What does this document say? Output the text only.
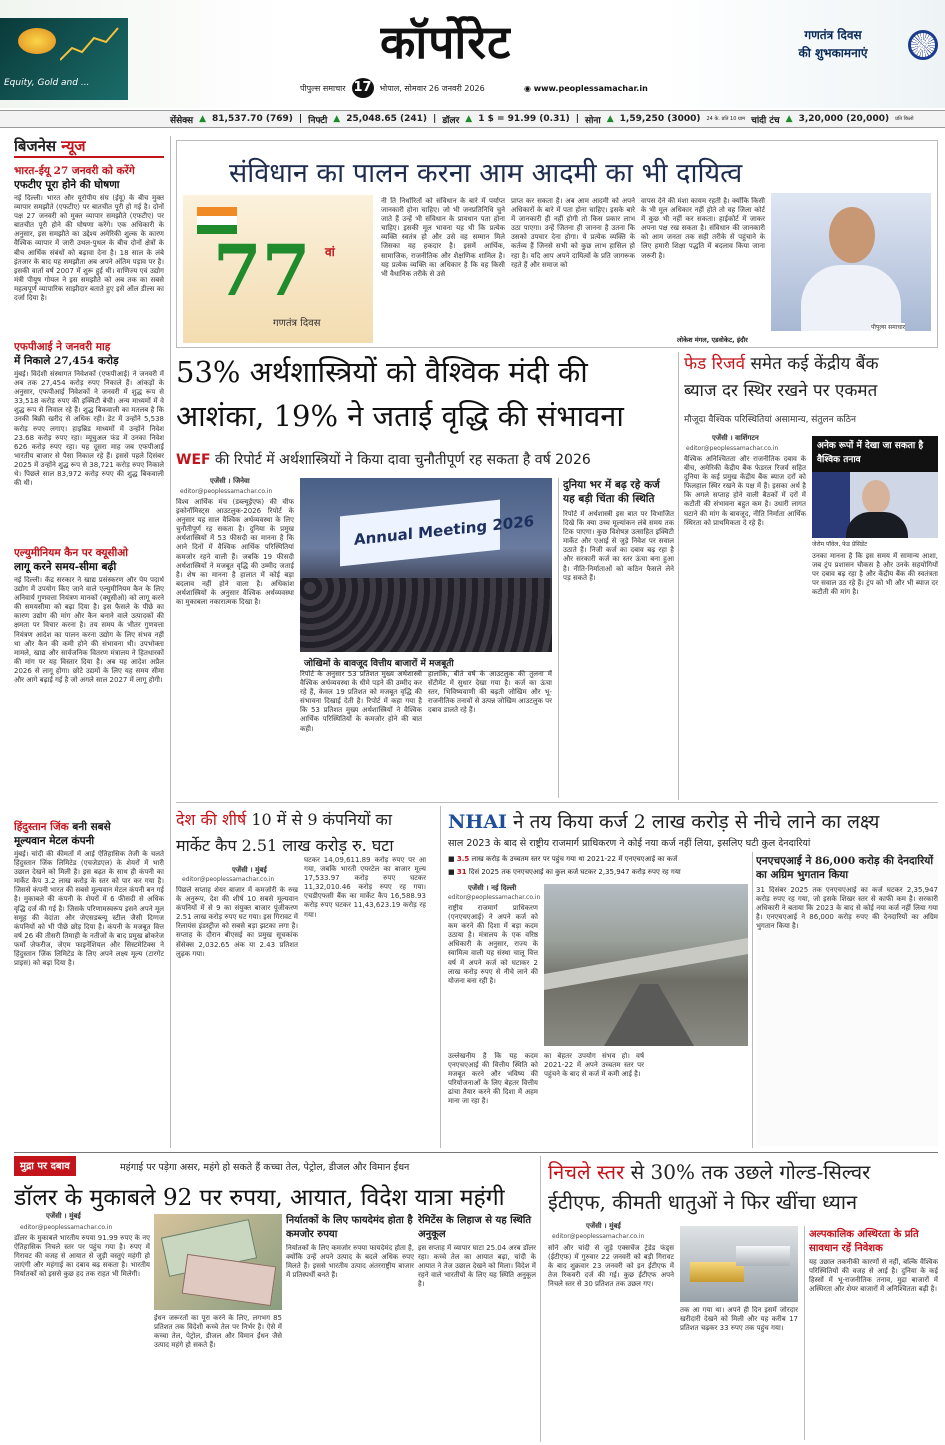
Equity, Gold and ...
कॉर्पोरेट
पीपुल्स समाचार 17 भोपाल, सोमवार 26 जनवरी 2026	◉ www.peoplessamachar.in
गणतंत्र दिवस
की शुभकामनाएं
सेंसेक्स ▲ 81,537.70 (769) | निफ्टी ▲ 25,048.65 (241) | डॉलर ▲ 1 $ = 91.99 (0.31) | सोना ▲ 1,59,250 (3000) 24 के. प्रति 10 ग्राम चांदी टंच ▲ 3,20,000 (20,000) प्रति किलो
बिजनेस न्यूज
भारत-ईयू 27 जनवरी को करेंगे
एफटीए पूरा होने की घोषणा
नई दिल्ली। भारत और यूरोपीय संघ (ईयू) के बीच मुक्त व्यापार समझौते (एफटीए) पर बातचीत पूरी हो गई है। दोनों पक्ष 27 जनवरी को मुक्त व्यापार समझौते (एफटीए) पर बातचीत पूरी होने की घोषणा करेंगे। एक अधिकारी के अनुसार, इस समझौते का उद्देश्य अमेरिकी शुल्क के कारण वैश्विक व्यापार में जारी उथल-पुथल के बीच दोनों क्षेत्रों के बीच आर्थिक संबंधों को बढ़ावा देना है। 18 साल के लंबे इंतजार के बाद यह समझौता अब अपने अंतिम पड़ाव पर है। इसकी वार्ता वर्ष 2007 में शुरू हुई थी। वाणिज्य एवं उद्योग मंत्री पीयूष गोयल ने इस समझौते को अब तक का सबसे महत्वपूर्ण व्यापारिक साझीदार बताते हुए इसे ऑल डील्स का दर्जा दिया है।
एफपीआई ने जनवरी माह
में निकाले 27,454 करोड़
मुंबई। विदेशी संस्थागत निवेशकों (एफपीआई) ने जनवरी में अब तक 27,454 करोड़ रुपए निकाले हैं। आंकड़ों के अनुसार, एफपीआई निवेशकों ने जनवरी में शुद्ध रूप से 33,518 करोड़ रुपए की इक्विटी बेची। अन्य माध्यमों में वे शुद्ध रूप से लिवाल रहे हैं। शुद्ध बिकवाली का मतलब है कि उनकी बिक्री खरीद से अधिक रही। डेट में उन्होंने 5,538 करोड़ रुपए लगाए। हाइब्रिड माध्यमों में उन्होंने निवेश 23.68 करोड़ रुपए रहा। म्यूचुअल फंड में उनका निवेश 626 करोड़ रुपए रहा। यह दूसरा माह जब एफपीआई भारतीय बाजार से पैसा निकाल रहे हैं। इससे पहले दिसंबर 2025 में उन्होंने शुद्ध रूप से 38,721 करोड़ रुपए निकाले थे। पिछले साल 83,972 करोड़ रुपए की शुद्ध बिकवाली की थी।
एल्युमीनियम कैन पर क्यूसीओ
लागू करने समय-सीमा बढ़ी
नई दिल्ली। केंद्र सरकार ने खाद्य प्रसंस्करण और पेय पदार्थ उद्योग में उपयोग किए जाने वाले एल्युमीनियम कैन के लिए अनिवार्य गुणवत्ता नियंत्रण मानकों (क्यूसीओ) को लागू करने की समयसीमा को बढ़ा दिया है। इस फैसले के पीछे का कारण उद्योग की मांग और कैन बनाने वाले उत्पादकों की क्षमता पर विचार करना है। तय समय के भीतर गुणवत्ता नियंत्रण आदेश का पालन करना उद्योग के लिए संभव नहीं था और कैन की कमी होने की संभावना थी। उपभोक्ता मामले, खाद्य और सार्वजनिक वितरण मंत्रालय ने हितधारकों की मांग पर यह विस्तार दिया है। अब यह आदेश अप्रैल 2026 से लागू होगा। छोटे उद्यमों के लिए यह समय सीमा और आगे बढ़ाई गई है जो अगले साल 2027 में लागू होगी।
हिंदुस्तान जिंक बनी सबसे
मूल्यवान मेटल कंपनी
मुंबई। चांदी की कीमतों में आई ऐतिहासिक तेजी के चलते हिंदुस्तान जिंक लिमिटेड (एचजेडएल) के शेयरों में भारी उछाल देखने को मिली है। इस बढ़त के साथ ही कंपनी का मार्केट कैप 3.2 लाख करोड़ के स्तर को पार कर गया है। जिससे कंपनी भारत की सबसे मूल्यवान मेटल कंपनी बन गई है। मुकाबले की कंपनी के शेयरों में 6 फीसदी से अधिक वृद्धि दर्ज की गई है। जिसके परिणामस्वरूप इसने अपने मूल समूह की वेदांता और जेएसडब्ल्यू स्टील जैसी दिग्गज कंपनियों को भी पीछे छोड़ दिया है। कंपनी के मजबूत वित्त वर्ष 26 की तीसरी तिमाही के नतीजों के बाद प्रमुख ब्रोकरेज फर्मों जेफरीज, जेएम फाइनेंशियल और सिस्टमेटिक्स ने हिंदुस्तान जिंक लिमिटेड के लिए अपने लक्ष्य मूल्य (टारगेट प्राइस) को बढ़ा दिया है।
संविधान का पालन करना आम आदमी का भी दायित्व
77 वां
गणतंत्र दिवस
नी ति निर्धारितों को संविधान के बारे में पर्याप्त जानकारी होना चाहिए। जो भी जनप्रतिनिधि चुने जाते हैं उन्हें भी संविधान के प्रावधान पता होना चाहिए। इसकी मूल भावना यह थी कि प्रत्येक व्यक्ति स्वतंत्र हो और उसे वह सम्मान मिले जिसका वह हकदार है। इसमें आर्थिक, सामाजिक, राजनीतिक और शैक्षणिक शामिल है। यह प्रत्येक व्यक्ति का अधिकार है कि वह किसी भी वैधानिक तरीके से उसे
प्राप्त कर सकता है। अब आम आदमी को अपने अधिकारों के बारे में पता होना चाहिए। इसके बारे में जानकारी ही नहीं होगी तो किस प्रकार लाभ उठा पाएगा। उन्हें जितना ही जानना है उतना कि उसको उपचार देना होगा। ये प्रत्येक व्यक्ति के कर्तव्य हैं जिनसे सभी को कुछ लाभ हासिल हो रहा है। यदि आप अपने दायित्वों के प्रति जागरूक रहते हैं और समाज को
वापस देने की मंशा कायम रहती है। क्योंकि किसी के भी मूल अधिकार नहीं होते तो वह जिला कोर्ट में कुछ भी नहीं कर सकता। हाईकोर्ट में जाकर अपना पक्ष रख सकता है। संविधान की जानकारी को आम जनता तक सही तरीके से पहुंचाने के लिए हमारी शिक्षा पद्धति में बदलाव किया जाना जरूरी है।
पीपुल्स समाचार
लोकेश मंगल, एडवोकेट, इंदौर
53% अर्थशास्त्रियों को वैश्विक मंदी की
आशंका, 19% ने जताई वृद्धि की संभावना
WEF की रिपोर्ट में अर्थशास्त्रियों ने किया दावा चुनौतीपूर्ण रह सकता है वर्ष 2026
एजेंसी । जिनेवा
editor@peoplessamachar.co.in
विश्व आर्थिक मंच (डब्ल्यूईएफ) की चीफ इकोनॉमिस्ट्स आउटलुक-2026 रिपोर्ट के अनुसार यह साल वैश्विक अर्थव्यवस्था के लिए चुनौतीपूर्ण रह सकता है। दुनिया के प्रमुख अर्थशास्त्रियों में 53 फीसदी का मानना है कि आने दिनों में वैश्विक आर्थिक परिस्थितियां कमजोर रहने वाली हैं। जबकि 19 फीसदी अर्थशास्त्रियों ने मजबूत वृद्धि की उम्मीद जताई है। शेष का मानना है हालात में कोई बड़ा बदलाव नहीं होने वाला है। अधिकांश अर्थशास्त्रियों के अनुसार वैश्विक अर्थव्यवस्था का मुकाबला नकारात्मक दिखा है।
Annual Meeting 2026
जोखिमों के बावजूद वित्तीय बाजारों में मजबूती
रिपोर्ट के अनुसार 53 प्रतिशत मुख्य अर्थशास्त्री वैश्विक अर्थव्यवस्था के धीमे पड़ने की उम्मीद कर रहे हैं, केवल 19 प्रतिशत को मजबूत वृद्धि की संभावना दिखाई देती है। रिपोर्ट में कहा गया है कि 53 प्रतिशत मुख्य अर्थशास्त्रियों ने वैश्विक आर्थिक परिस्थितियों के कमजोर होने की बात कही।
हालांकि, बीते वर्ष के आउटलुक की तुलना में सेंटीमेंट में सुधार देखा गया है। कर्ज का ऊंचा स्तर, भिविष्यवाणी की बढ़ती जोखिम और भू-राजनीतिक तनावों से उत्पन्न जोखिम आउटलुक पर दबाव डालते रहे हैं।
दुनिया भर में बढ़ रहे कर्ज यह बड़ी चिंता की स्थिति
रिपोर्ट में अर्थशास्त्री इस बात पर विभाजित दिखे कि क्या उच्च मूल्यांकन लंबे समय तक टिक पाएगा। कुछ विशेषज्ञ उत्साहित इक्विटी मार्केट और एआई से जुड़े निवेश पर सवाल उठाते हैं। निजी कर्ज का दबाव बढ़ रहा है और सरकारी कर्ज का स्तर ऊंचा बना हुआ है। नीति-निर्माताओं को कठिन फैसले लेने पड़ सकते हैं।
फेड रिजर्व समेत कई केंद्रीय बैंक
ब्याज दर स्थिर रखने पर एकमत
मौजूदा वैश्विक परिस्थितियां असामान्य, संतुलन कठिन
एजेंसी । वाशिंगटन
editor@peoplessamachar.co.in
वैश्विक अनिश्चितता और राजनीतिक दबाव के बीच, अमेरिकी केंद्रीय बैंक फेडरल रिजर्व सहित दुनिया के कई प्रमुख केंद्रीय बैंक ब्याज दरों को फिलहाल स्थिर रखने के पक्ष में हैं। इसका अर्थ है कि अगले सप्ताह होने वाली बैठकों में दरों में कटौती की संभावना बहुत कम है। उधारी लागत घटाने की मांग के बावजूद, नीति निर्माता आर्थिक स्थिरता को प्राथमिकता दे रहे हैं।
अनेक रूपों में देखा जा सकता है वैश्विक तनाव
जेरोम पॉवेल, फेड प्रेसिडेंट
उनका मानना है कि इस समय में सामान्य आशा, जब ट्रंप प्रशासन चौकस है और उनके सहयोगियों पर दबाव बढ़ रहा है और केंद्रीय बैंक की स्वतंत्रता पर सवाल उठ रहे हैं। ट्रंप को भी और भी ब्याज दर कटौती की मांग है।
देश की शीर्ष 10 में से 9 कंपनियों का
मार्केट कैप 2.51 लाख करोड़ रु. घटा
एजेंसी । मुंबई
editor@peoplessamachar.co.in
पिछले सप्ताह शेयर बाजार में कमजोरी के रुख के अनुरूप, देश की शीर्ष 10 सबसे मूल्यवान कंपनियों में से 9 का संयुक्त बाजार पूंजीकरण 2.51 लाख करोड़ रुपए घट गया। इस गिरावट में रिलायंस इंडस्ट्रीज को सबसे बड़ा झटका लगा है। सप्ताह के दौरान बीएसई का प्रमुख सूचकांक सेंसेक्स 2,032.65 अंक या 2.43 प्रतिशत लुढ़क गया।
घटकर 14,09,611.89 करोड़ रुपए पर आ गया, जबकि भारती एयरटेल का बाजार मूल्य 17,533.97 करोड़ रुपए घटकर 11,32,010.46 करोड़ रुपए रह गया। एचडीएफसी बैंक का मार्केट कैप 16,588.93 करोड़ रुपए घटकर 11,43,623.19 करोड़ रह गया।
NHAI ने तय किया कर्ज 2 लाख करोड़ से नीचे लाने का लक्ष्य
साल 2023 के बाद से राष्ट्रीय राजमार्ग प्राधिकरण ने कोई नया कर्ज नहीं लिया, इसलिए घटी कुल देनदारियां
■ 3.5 लाख करोड़ के उच्चतम स्तर पर पहुंच गया था 2021-22 में एनएचएआई का कर्ज
■ 31 दिसं 2025 तक एनएचएआई का कुल कर्ज घटकर 2,35,947 करोड़ रुपए रह गया
एजेंसी । नई दिल्ली
editor@peoplessamachar.co.in
राष्ट्रीय राजमार्ग प्राधिकरण (एनएचएआई) ने अपने कर्ज को कम करने की दिशा में बड़ा कदम उठाया है। मंत्रालय के एक वरिष्ठ अधिकारी के अनुसार, राज्य के स्वामित्व वाली यह संस्था चालू वित्त वर्ष में अपने कर्ज को घटाकर 2 लाख करोड़ रुपए से नीचे लाने की योजना बना रही है।
उल्लेखनीय है कि यह कदम एनएचएआई की वित्तीय स्थिति को मजबूत करने और भविष्य की परियोजनाओं के लिए बेहतर वित्तीय ढांचा तैयार करने की दिशा में अहम माना जा रहा है।
का बेहतर उपयोग संभव हो। वर्ष 2021-22 में अपने उच्चतम स्तर पर पहुंचने के बाद से कर्ज में कमी आई है।
एनएचएआई ने 86,000 करोड़ की देनदारियों का अग्रिम भुगतान किया
31 दिसंबर 2025 तक एनएचएआई का कर्ज घटकर 2,35,947 करोड़ रुपए रह गया, जो इसके शिखर स्तर से काफी कम है। सरकारी अधिकारी ने बताया कि 2023 के बाद से कोई नया कर्ज नहीं लिया गया है। एनएचएआई ने 86,000 करोड़ रुपए की देनदारियों का अग्रिम भुगतान किया है।
मुद्रा पर दबाव	महंगाई पर पड़ेगा असर, महंगे हो सकते हैं कच्चा तेल, पेट्रोल, डीजल और विमान ईंधन
डॉलर के मुकाबले 92 पर रुपया, आयात, विदेश यात्रा महंगी
एजेंसी । मुंबई
editor@peoplessamachar.co.in
डॉलर के मुकाबले भारतीय रुपया 91.99 रुपए के नए ऐतिहासिक निचले स्तर पर पहुंच गया है। रुपए में गिरावट की वजह से आयात से जुड़ी वस्तुएं महंगी हो जाएंगी और महंगाई का दबाव बढ़ सकता है। भारतीय निर्यातकों को इससे कुछ हद तक राहत भी मिलेगी।
ईंधन जरूरतों का पूरा करने के लिए, लगभग 85 प्रतिशत तक विदेशी कच्चे तेल पर निर्भर है। ऐसे में कच्चा तेल, पेट्रोल, डीजल और विमान ईंधन जैसे उत्पाद महंगे हो सकते हैं।
निर्यातकों के लिए फायदेमंद होता है कमजोर रुपया
निर्यातकों के लिए कमजोर रुपया फायदेमंद होता है, क्योंकि उन्हें अपने उत्पाद के बदले अधिक रुपए मिलते हैं। इससे भारतीय उत्पाद अंतरराष्ट्रीय बाजार में प्रतिस्पर्धी बनते हैं।
रेमिटेंस के लिहाज से यह स्थिति अनुकूल
इस सप्ताह में व्यापार घाटा 25.04 अरब डॉलर रहा। कच्चे तेल का आयात बढ़ा, चांदी के आयात ने तेज उछाल देखने को मिला। विदेश में रहने वाले भारतीयों के लिए यह स्थिति अनुकूल है।
निचले स्तर से 30% तक उछले गोल्ड-सिल्वर
ईटीएफ, कीमती धातुओं ने फिर खींचा ध्यान
एजेंसी । मुंबई
editor@peoplessamachar.co.in
सोने और चांदी से जुड़े एक्सचेंज ट्रेडेड फंड्स (ईटीएफ) में गुरुवार 22 जनवरी को बड़ी गिरावट के बाद शुक्रवार 23 जनवरी को इन ईटीएफ में तेज रिकवरी दर्ज की गई। कुछ ईटीएफ अपने निचले स्तर से 30 प्रतिशत तक उछल गए।
तक आ गया था। अपने ही दिन इसमें जोरदार खरीदारी देखने को मिली और यह करीब 17 प्रतिशत चढ़कर 33 रुपए तक पहुंच गया।
अल्पकालिक अस्थिरता के प्रति सावधान रहें निवेशक
यह उछाल तकनीकी कारणों से नहीं, बल्कि वैश्विक परिस्थितियों की वजह से आई है। दुनिया के कई हिस्सों में भू-राजनीतिक तनाव, मुद्रा बाजारों में अस्थिरता और शेयर बाजारों में अनिश्चितता बढ़ी है।
